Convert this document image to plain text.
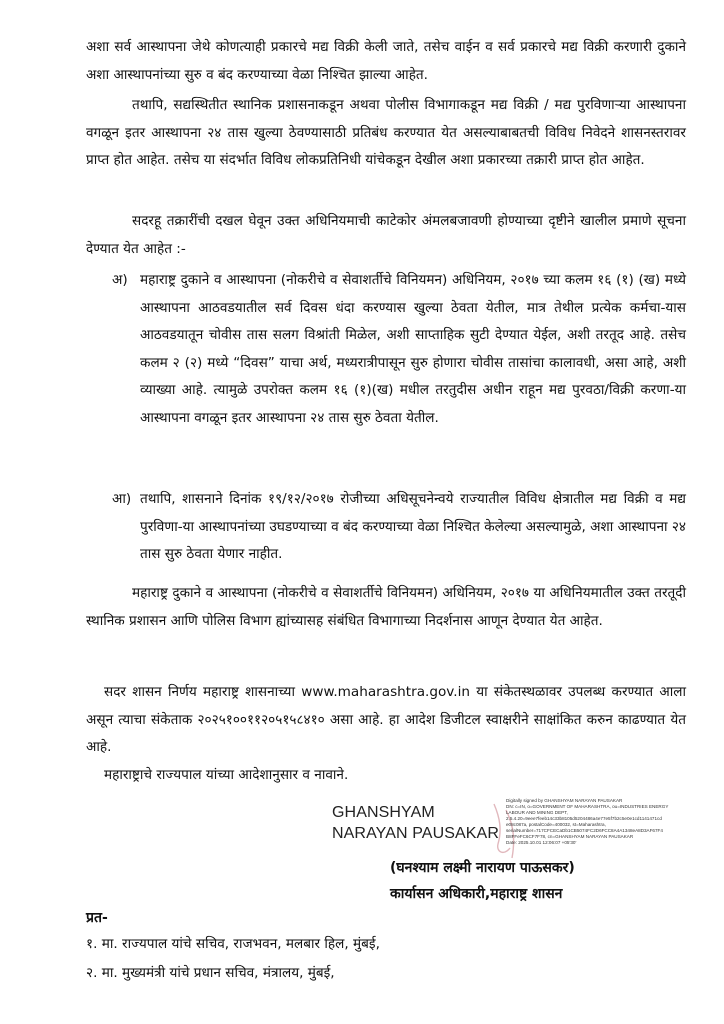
अशा सर्व आस्थापना जेथे कोणत्याही प्रकारचे मद्य विक्री केली जाते, तसेच वाईन व सर्व प्रकारचे मद्य विक्री करणारी दुकाने अशा आस्थापनांच्या सुरु व बंद करण्याच्या वेळा निश्चित झाल्या आहेत.

तथापि, सद्यस्थितीत स्थानिक प्रशासनाकडून अथवा पोलीस विभागाकडून मद्य विक्री / मद्य पुरविणाऱ्या आस्थापना वगळून इतर आस्थापना २४ तास खुल्या ठेवण्यासाठी प्रतिबंध करण्यात येत असल्याबाबतची विविध निवेदने शासनस्तरावर प्राप्त होत आहेत. तसेच या संदर्भात विविध लोकप्रतिनिधी यांचेकडून देखील अशा प्रकारच्या तक्रारी प्राप्त होत आहेत.

सदरहू तक्रारींची दखल घेवून उक्त अधिनियमाची काटेकोर अंमलबजावणी होण्याच्या दृष्टीने खालील प्रमाणे सूचना देण्यात येत आहेत :-

अ) महाराष्ट्र दुकाने व आस्थापना (नोकरीचे व सेवाशर्तीचे विनियमन) अधिनियम, २०१७ च्या कलम १६ (१) (ख) मध्ये आस्थापना आठवडयातील सर्व दिवस धंदा करण्यास खुल्या ठेवता येतील, मात्र तेथील प्रत्येक कर्मचा-यास आठवडयातून चोवीस तास सलग विश्रांती मिळेल, अशी साप्ताहिक सुटी देण्यात येईल, अशी तरतूद आहे. तसेच कलम २ (२) मध्ये “दिवस” याचा अर्थ, मध्यरात्रीपासून सुरु होणारा चोवीस तासांचा कालावधी, असा आहे, अशी व्याख्या आहे. त्यामुळे उपरोक्त कलम १६ (१)(ख) मधील तरतुदीस अधीन राहून मद्य पुरवठा/विक्री करणा-या आस्थापना वगळून इतर आस्थापना २४ तास सुरु ठेवता येतील.
आ) तथापि, शासनाने दिनांक १९/१२/२०१७ रोजीच्या अधिसूचनेन्वये राज्यातील विविध क्षेत्रातील मद्य विक्री व मद्य पुरविणा-या आस्थापनांच्या उघडण्याच्या व बंद करण्याच्या वेळा निश्चित केलेल्या असल्यामुळे, अशा आस्थापना २४ तास सुरु ठेवता येणार नाहीत.

महाराष्ट्र दुकाने व आस्थापना (नोकरीचे व सेवाशर्तीचे विनियमन) अधिनियम, २०१७ या अधिनियमातील उक्त तरतूदी स्थानिक प्रशासन आणि पोलिस विभाग ह्यांच्यासह संबंधित विभागाच्या निदर्शनास आणून देण्यात येत आहेत.

सदर शासन निर्णय महाराष्ट्र शासनाच्या www.maharashtra.gov.in या संकेतस्थळावर उपलब्ध करण्यात आला असून त्याचा संकेताक २०२५१००११२०५१५८४१० असा आहे. हा आदेश डिजीटल स्वाक्षरीने साक्षांकित करुन काढण्यात येत आहे.

महाराष्ट्राचे राज्यपाल यांच्या आदेशानुसार व नावाने.

GHANSHYAM
NARAYAN PAUSAKAR
Digitally signed by GHANSHYAM NARAYAN PAUSAKAR
DN: c=IN, o=GOVERNMENT OF MAHARASHTRA, ou=INDUSTRIES ENERGY
LABOUR AND MINING DEPT,
2.5.4.20=9eee7feeb14c33b8105d5204486a4e77e5f7b2c5e0e1cd1141471cd
e08c087a, postalCode=400032, st=Maharashtra,
serialNumber=717CFCECaDb1CB5074FC2D6FCC8A4A1348eA8D3AF67F4
B8FFeFC6CF7F78, cn=GHANSHYAM NARAYAN PAUSAKAR
Date: 2025.10.01 12:06:07 +05'30'
(घनश्याम लक्ष्मी नारायण पाऊसकर)
कार्यासन अधिकारी,महाराष्ट्र शासन
प्रत-
१. मा. राज्यपाल यांचे सचिव, राजभवन, मलबार हिल, मुंबई,
२. मा. मुख्यमंत्री यांचे प्रधान सचिव, मंत्रालय, मुंबई,
